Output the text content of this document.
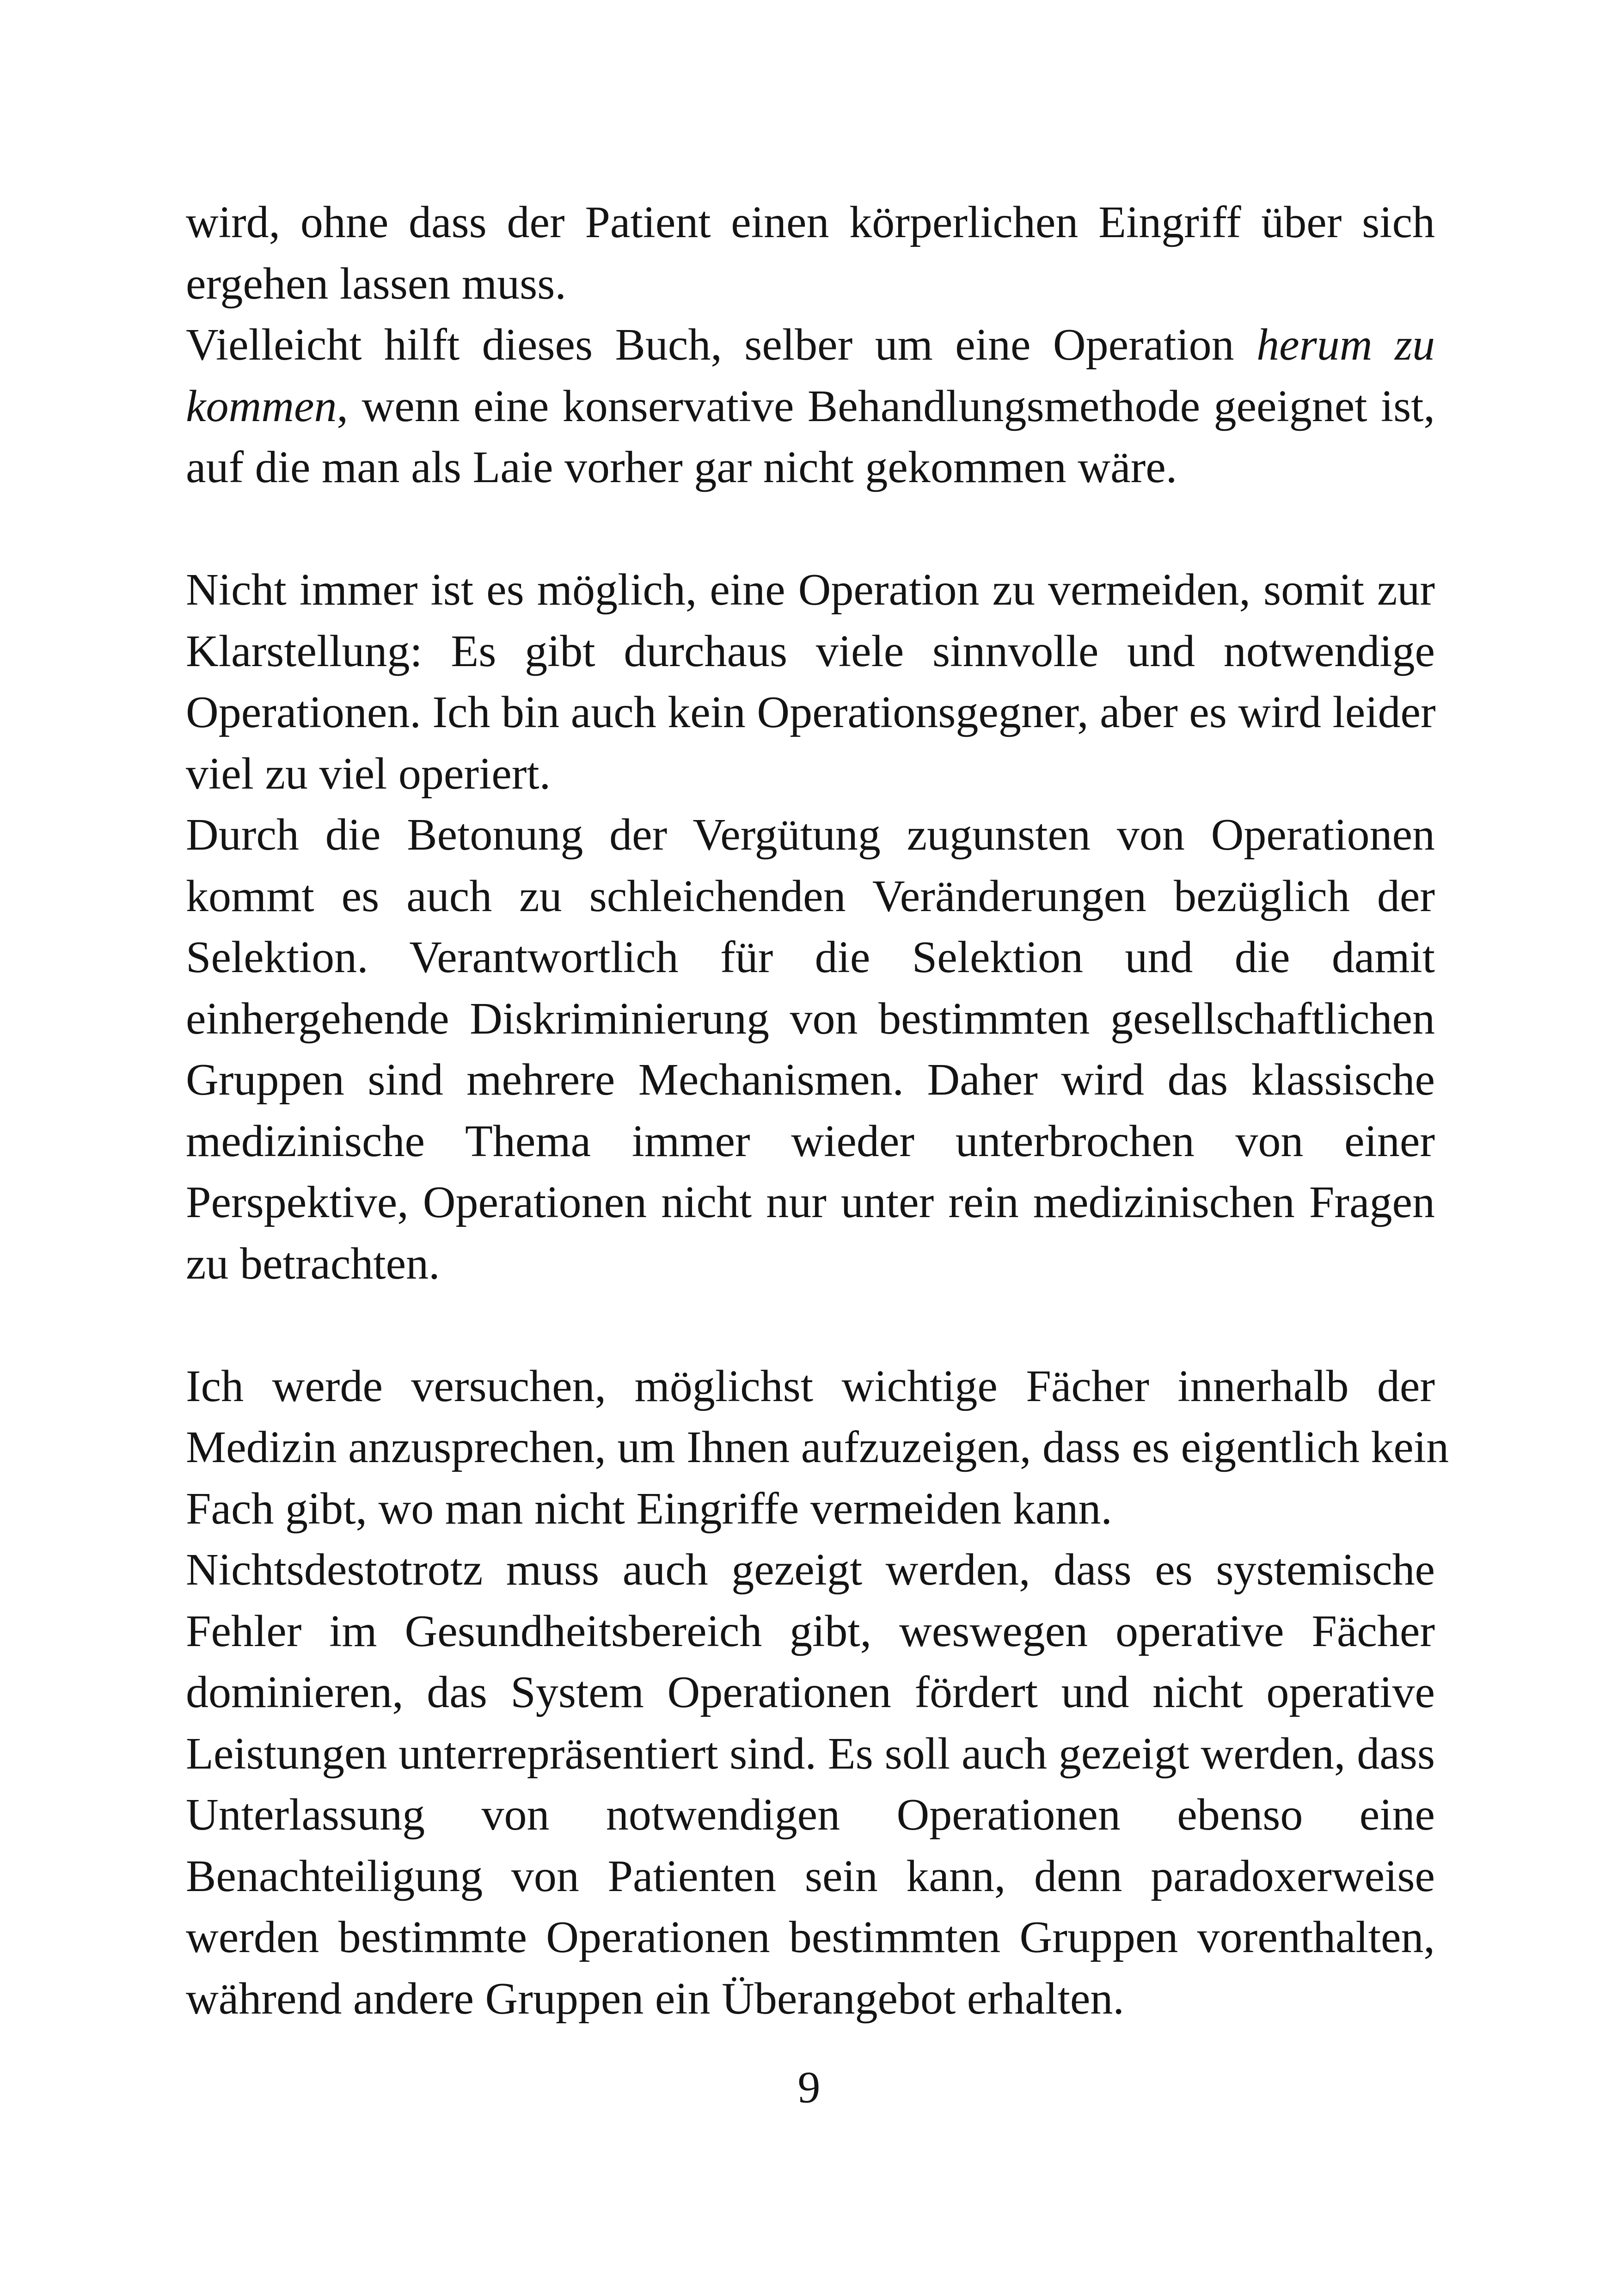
wird, ohne dass der Patient einen körperlichen Eingriff über sich
ergehen lassen muss.
Vielleicht hilft dieses Buch, selber um eine Operation herum zu
kommen, wenn eine konservative Behandlungsmethode geeignet ist,
auf die man als Laie vorher gar nicht gekommen wäre.
Nicht immer ist es möglich, eine Operation zu vermeiden, somit zur
Klarstellung: Es gibt durchaus viele sinnvolle und notwendige
Operationen. Ich bin auch kein Operationsgegner, aber es wird leider
viel zu viel operiert.
Durch die Betonung der Vergütung zugunsten von Operationen
kommt es auch zu schleichenden Veränderungen bezüglich der
Selektion. Verantwortlich für die Selektion und die damit
einhergehende Diskriminierung von bestimmten gesellschaftlichen
Gruppen sind mehrere Mechanismen. Daher wird das klassische
medizinische Thema immer wieder unterbrochen von einer
Perspektive, Operationen nicht nur unter rein medizinischen Fragen
zu betrachten.
Ich werde versuchen, möglichst wichtige Fächer innerhalb der
Medizin anzusprechen, um Ihnen aufzuzeigen, dass es eigentlich kein
Fach gibt, wo man nicht Eingriffe vermeiden kann.
Nichtsdestotrotz muss auch gezeigt werden, dass es systemische
Fehler im Gesundheitsbereich gibt, weswegen operative Fächer
dominieren, das System Operationen fördert und nicht operative
Leistungen unterrepräsentiert sind. Es soll auch gezeigt werden, dass
Unterlassung von notwendigen Operationen ebenso eine
Benachteiligung von Patienten sein kann, denn paradoxerweise
werden bestimmte Operationen bestimmten Gruppen vorenthalten,
während andere Gruppen ein Überangebot erhalten.
9
